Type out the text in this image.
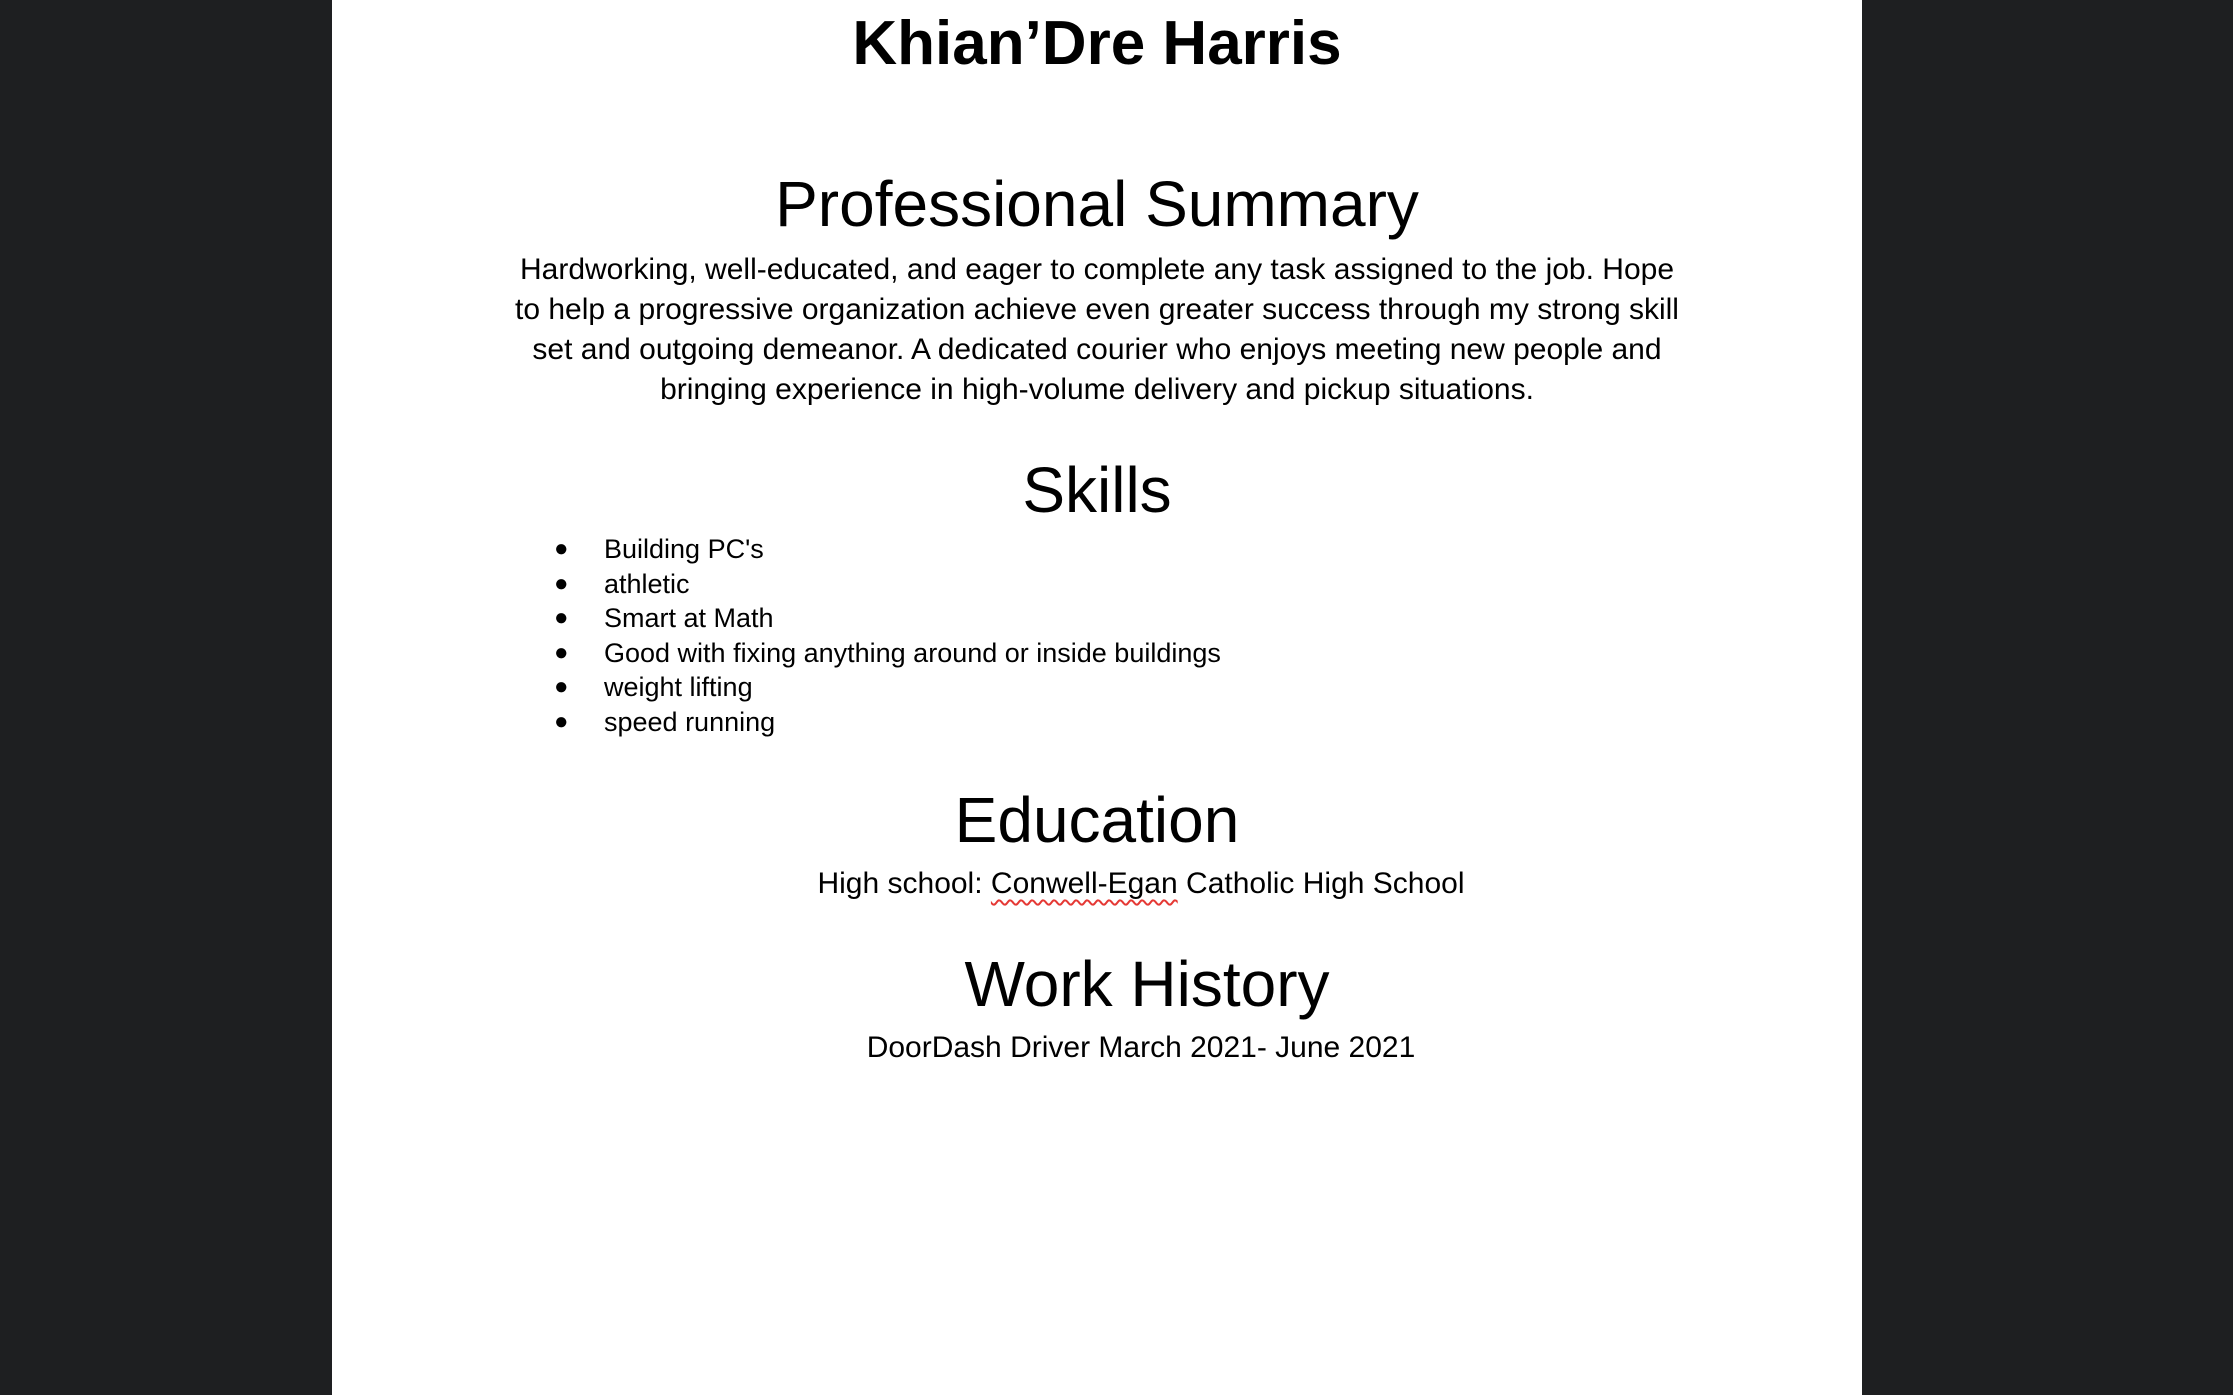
Khian’Dre Harris
Professional Summary
Hardworking, well-educated, and eager to complete any task assigned to the job. Hope to help a progressive organization achieve even greater success through my strong skill set and outgoing demeanor. A dedicated courier who enjoys meeting new people and bringing experience in high-volume delivery and pickup situations.
Skills
● Building PC's
● athletic
● Smart at Math
● Good with fixing anything around or inside buildings
● weight lifting
● speed running
Education
High school: Conwell-Egan Catholic High School
Work History
DoorDash Driver March 2021- June 2021
